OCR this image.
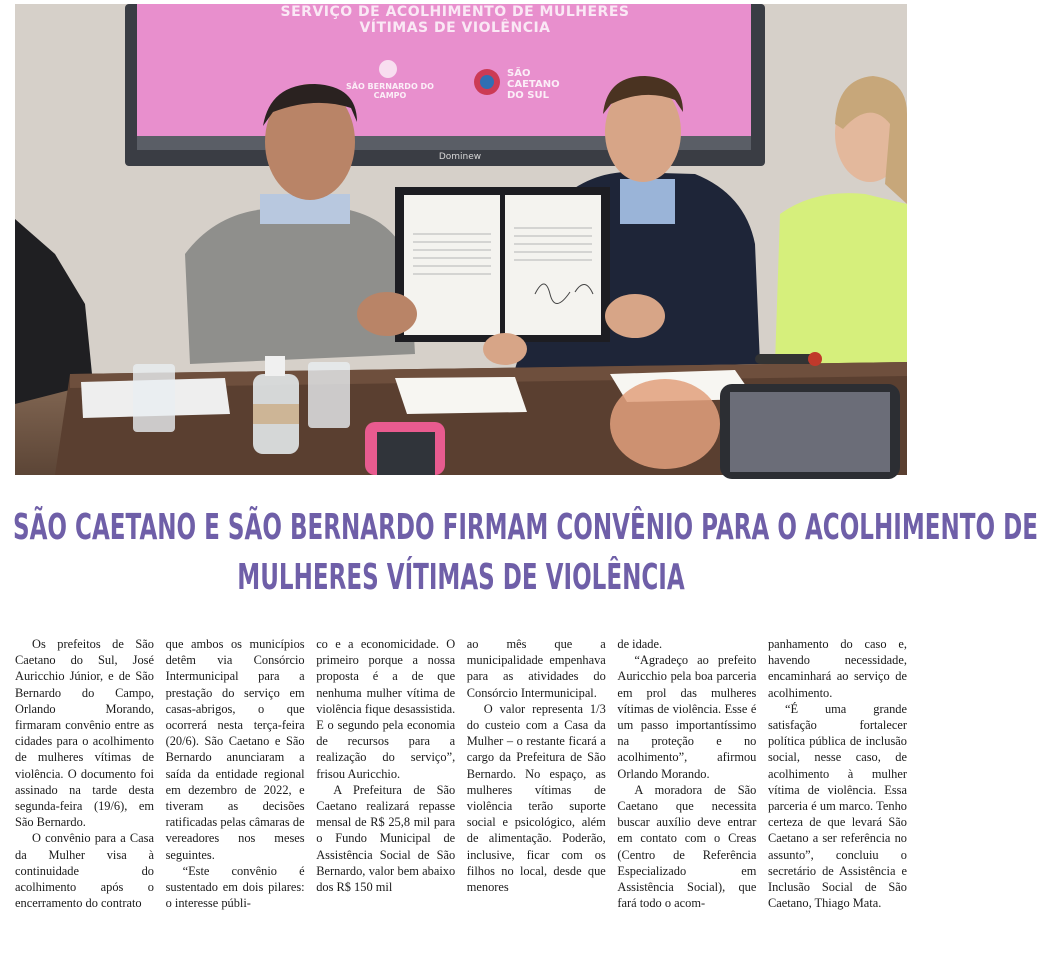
SERVIÇO DE ACOLHIMENTO DE MULHERES
VÍTIMAS DE VIOLÊNCIA
SÃO BERNARDO DO CAMPO
SÃO CAETANO DO SUL
Dominew
SÃO CAETANO E SÃO BERNARDO FIRMAM CONVÊNIO PARA O ACOLHIMENTO DE
MULHERES VÍTIMAS DE VIOLÊNCIA

Os prefeitos de São Caetano do Sul, José Auricchio Júnior, e de São Bernardo do Campo, Orlando Morando, firmaram convênio entre as cidades para o acolhimento de mulheres vítimas de violência. O documento foi assinado na tarde desta segunda-feira (19/6), em São Bernardo.

O convênio para a Casa da Mulher visa à continuidade do acolhimento após o encerramento do contrato

que ambos os municípios detêm via Consórcio Intermunicipal para a prestação do serviço em casas-abrigos, o que ocorrerá nesta terça-feira (20/6). São Caetano e São Bernardo anunciaram a saída da entidade regional em dezembro de 2022, e tiveram as decisões ratificadas pelas câmaras de vereadores nos meses seguintes.

“Este convênio é sustentado em dois pilares: o interesse públi-

co e a economicidade. O primeiro porque a nossa proposta é a de que nenhuma mulher vítima de violência fique desassistida. E o segundo pela economia de recursos para a realização do serviço”, frisou Auricchio.

A Prefeitura de São Caetano realizará repasse mensal de R$ 25,8 mil para o Fundo Municipal de Assistência Social de São Bernardo, valor bem abaixo dos R$ 150 mil

ao mês que a municipalidade empenhava para as atividades do Consórcio Intermunicipal.

O valor representa 1/3 do custeio com a Casa da Mulher – o restante ficará a cargo da Prefeitura de São Bernardo. No espaço, as mulheres vítimas de violência terão suporte social e psicológico, além de alimentação. Poderão, inclusive, ficar com os filhos no local, desde que menores

de idade.

“Agradeço ao prefeito Auricchio pela boa parceria em prol das mulheres vítimas de violência. Esse é um passo importantíssimo na proteção e no acolhimento”, afirmou Orlando Morando.

A moradora de São Caetano que necessita buscar auxílio deve entrar em contato com o Creas (Centro de Referência Especializado em Assistência Social), que fará todo o acom-

panhamento do caso e, havendo necessidade, encaminhará ao serviço de acolhimento.

“É uma grande satisfação fortalecer política pública de inclusão social, nesse caso, de acolhimento à mulher vítima de violência. Essa parceria é um marco. Tenho certeza de que levará São Caetano a ser referência no assunto”, concluiu o secretário de Assistência e Inclusão Social de São Caetano, Thiago Mata.
